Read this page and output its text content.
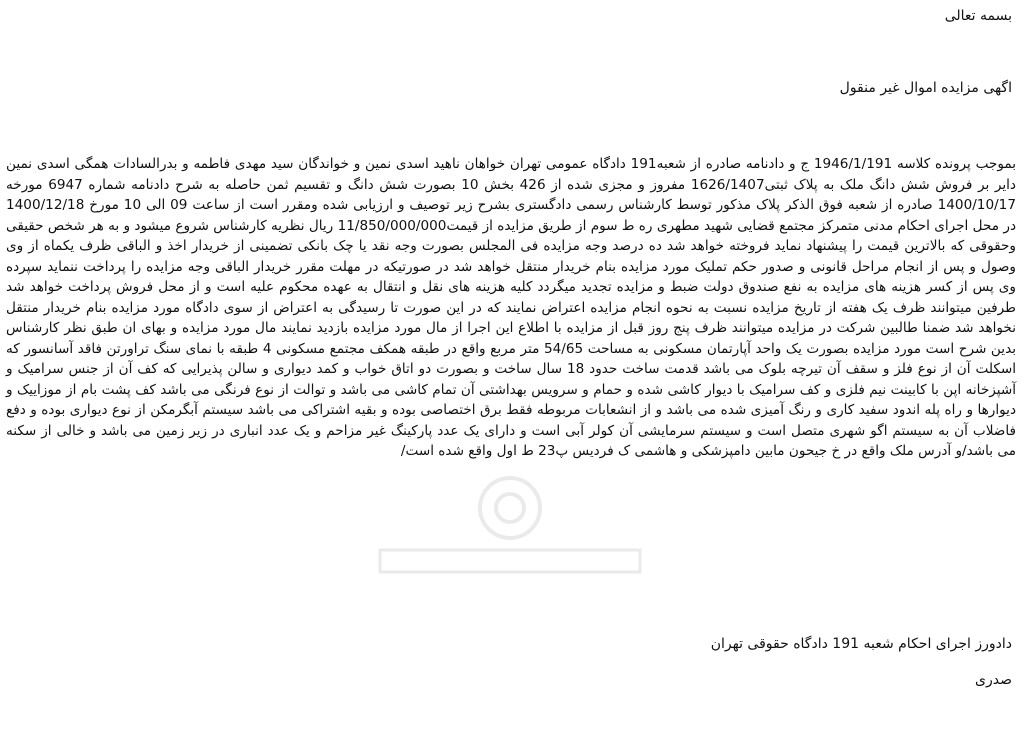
بسمه تعالی
اگهی مزایده اموال غیر منقول
بموجب پرونده کلاسه 1946/1/191 ج و دادنامه صادره از شعبه191 دادگاه عمومی تهران خواهان ناهید اسدی نمین و خواندگان سید مهدی فاطمه و بدرالسادات همگی اسدی نمین دایر بر فروش شش دانگ ملک به پلاک ثبتی1626/1407 مفروز و مجزی شده از 426 بخش 10 بصورت شش دانگ و تقسیم ثمن حاصله به شرح دادنامه شماره 6947 مورخه 1400/10/17 صادره از شعبه فوق الذکر پلاک مذکور توسط کارشناس رسمی دادگستری بشرح زیر توصیف و ارزیابی شده ومقرر است از ساعت 09 الی 10 مورخ 1400/12/18 در محل اجرای احکام مدنی متمرکز مجتمع قضایی شهید مطهری ره ط سوم از طریق مزایده از قیمت11/850/000/000 ریال نظریه کارشناس شروع میشود و به هر شخص حقیقی وحقوقی که بالاترین قیمت را پیشنهاد نماید فروخته خواهد شد ده درصد وجه مزایده فی المجلس بصورت وجه نقد یا چک بانکی تضمینی از خریدار اخذ و الباقی ظرف یکماه از وی وصول و پس از انجام مراحل قانونی و صدور حکم تملیک مورد مزایده بنام خریدار منتقل خواهد شد در صورتیکه در مهلت مقرر خریدار الباقی وجه مزایده را پرداخت ننماید سپرده وی پس از کسر هزینه های مزایده به نفع صندوق دولت ضبط و مزایده تجدید میگردد کلیه هزینه های نقل و انتقال به عهده محکوم علیه است و از محل فروش پرداخت خواهد شد طرفین میتوانند ظرف یک هفته از تاریخ مزایده نسبت به نحوه انجام مزایده اعتراض نمایند که در این صورت تا رسیدگی به اعتراض از سوی دادگاه مورد مزایده بنام خریدار منتقل نخواهد شد ضمنا طالبین شرکت در مزایده میتوانند ظرف پنج روز قبل از مزایده با اطلاع این اجرا از مال مورد مزایده بازدید نمایند مال مورد مزایده و بهای ان طبق نظر کارشناس بدین شرح است مورد مزایده بصورت یک واحد آپارتمان مسکونی به مساحت 54/65 متر مربع واقع در طبقه همکف مجتمع مسکونی 4 طبقه با نمای سنگ تراورتن فاقد آسانسور که اسکلت آن از نوع فلز و سقف آن تیرچه بلوک می باشد قدمت ساخت حدود 18 سال ساخت و بصورت دو اتاق خواب و کمد دیواری و سالن پذیرایی که کف آن از جنس سرامیک و آشپزخانه اپن با کابینت نیم فلزی و کف سرامیک با دیوار کاشی شده و حمام و سرویس بهداشتی آن تمام کاشی می باشد و توالت از نوع فرنگی می باشد کف پشت بام از موزاییک و دیوارها و راه پله اندود سفید کاری و رنگ آمیزی شده می باشد و از انشعابات مربوطه فقط برق اختصاصی بوده و بقیه اشتراکی می باشد سیستم آبگرمکن از نوع دیواری بوده و دفع فاضلاب آن به سیستم اگو شهری متصل است و سیستم سرمایشی آن کولر آبی است و دارای یک عدد پارکینگ غیر مزاحم و یک عدد انباری در زیر زمین می باشد و خالی از سکنه می باشد/و آدرس ملک واقع در خ جیحون مابین دامپزشکی و هاشمی ک فردیس پ23 ط اول واقع شده است/
دادورز اجرای احکام شعبه 191 دادگاه حقوقی تهران
صدری
